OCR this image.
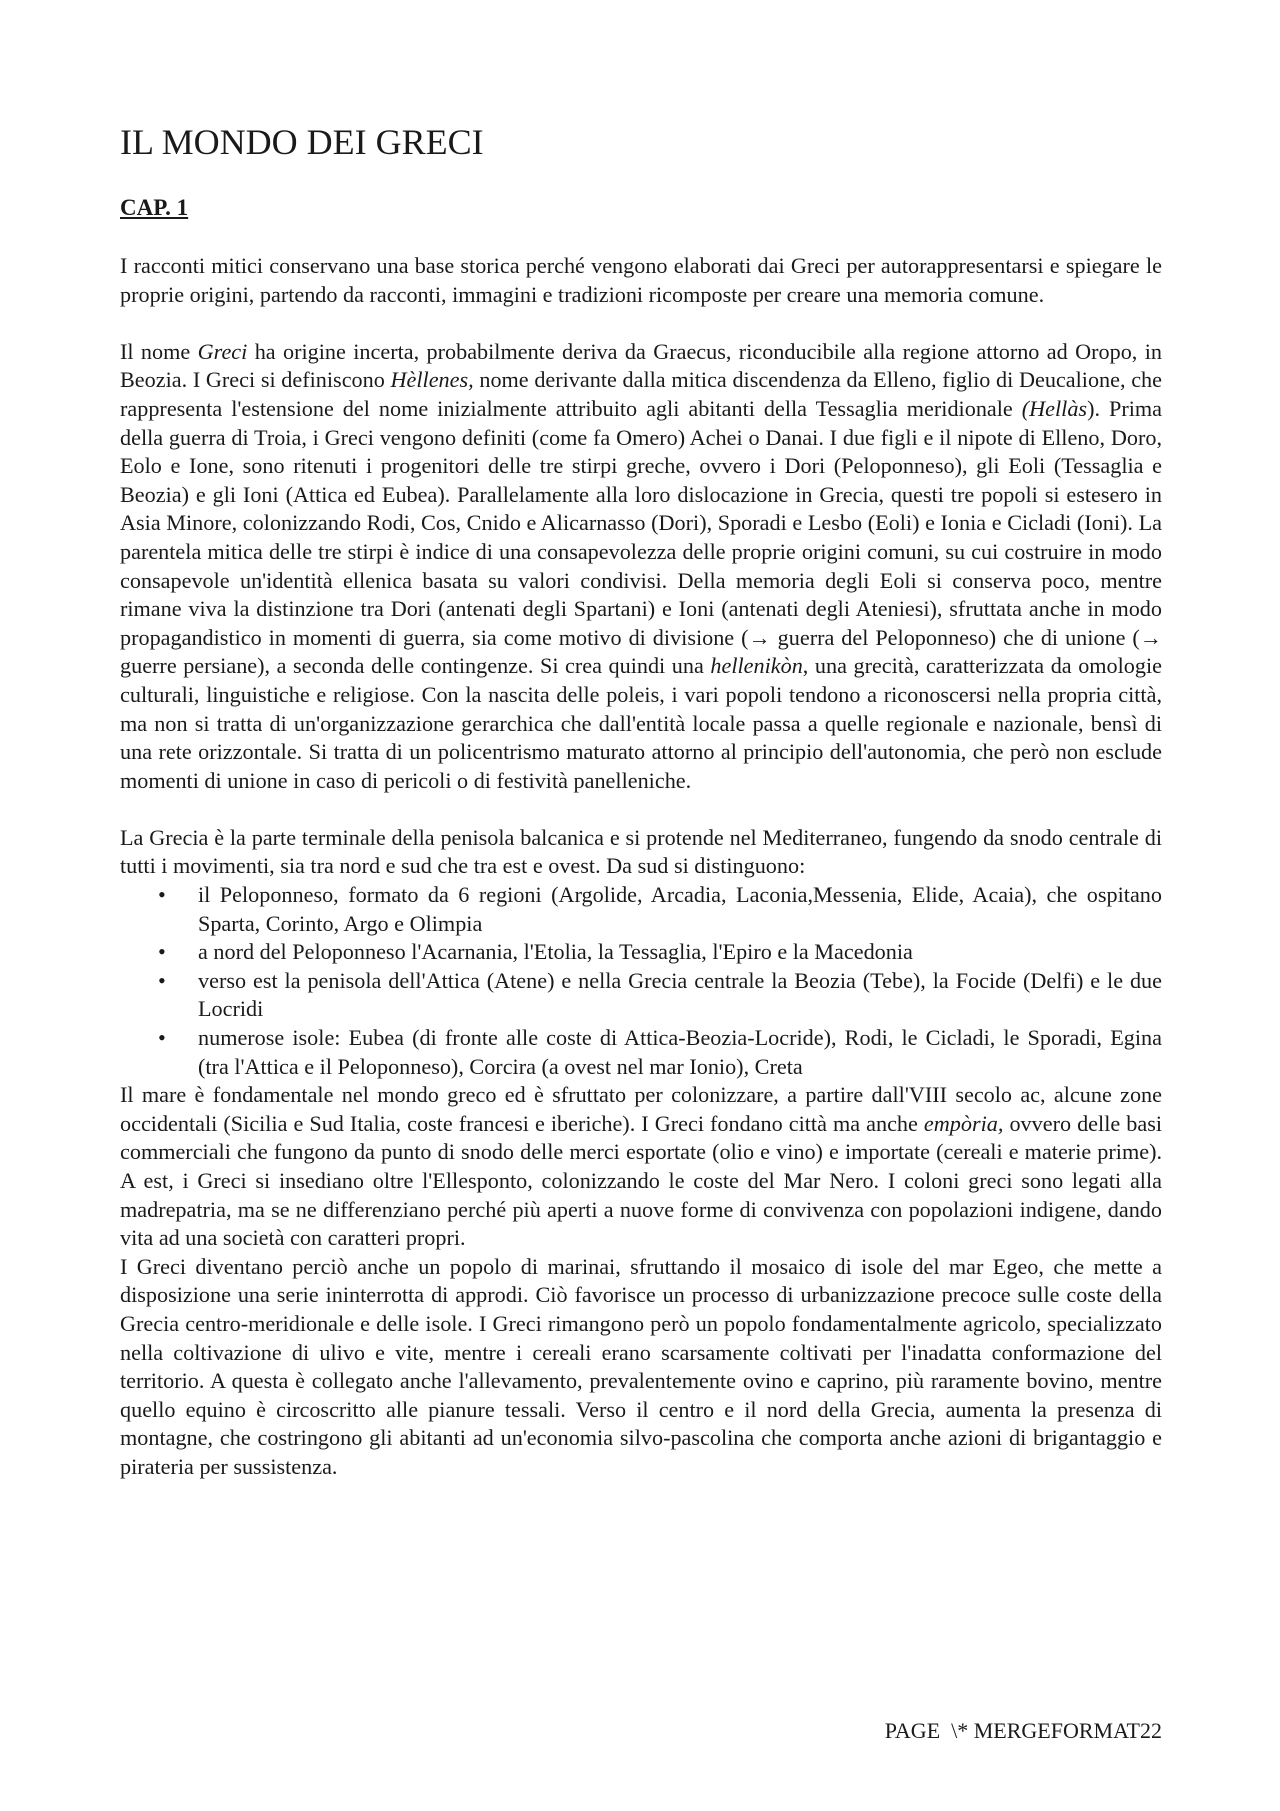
IL MONDO DEI GRECI
CAP. 1

I racconti mitici conservano una base storica perché vengono elaborati dai Greci per autorappresentarsi e spiegare le proprie origini, partendo da racconti, immagini e tradizioni ricomposte per creare una memoria comune.

Il nome Greci ha origine incerta, probabilmente deriva da Graecus, riconducibile alla regione attorno ad Oropo, in Beozia. I Greci si definiscono Hèllenes, nome derivante dalla mitica discendenza da Elleno, figlio di Deucalione, che rappresenta l'estensione del nome inizialmente attribuito agli abitanti della Tessaglia meridionale (Hellàs). Prima della guerra di Troia, i Greci vengono definiti (come fa Omero) Achei o Danai. I due figli e il nipote di Elleno, Doro, Eolo e Ione, sono ritenuti i progenitori delle tre stirpi greche, ovvero i Dori (Peloponneso), gli Eoli (Tessaglia e Beozia) e gli Ioni (Attica ed Eubea). Parallelamente alla loro dislocazione in Grecia, questi tre popoli si estesero in Asia Minore, colonizzando Rodi, Cos, Cnido e Alicarnasso (Dori), Sporadi e Lesbo (Eoli) e Ionia e Cicladi (Ioni). La parentela mitica delle tre stirpi è indice di una consapevolezza delle proprie origini comuni, su cui costruire in modo consapevole un'identità ellenica basata su valori condivisi. Della memoria degli Eoli si conserva poco, mentre rimane viva la distinzione tra Dori (antenati degli Spartani) e Ioni (antenati degli Ateniesi), sfruttata anche in modo propagandistico in momenti di guerra, sia come motivo di divisione (→ guerra del Peloponneso) che di unione (→ guerre persiane), a seconda delle contingenze. Si crea quindi una hellenikòn, una grecità, caratterizzata da omologie culturali, linguistiche e religiose. Con la nascita delle poleis, i vari popoli tendono a riconoscersi nella propria città, ma non si tratta di un'organizzazione gerarchica che dall'entità locale passa a quelle regionale e nazionale, bensì di una rete orizzontale. Si tratta di un policentrismo maturato attorno al principio dell'autonomia, che però non esclude momenti di unione in caso di pericoli o di festività panelleniche.

La Grecia è la parte terminale della penisola balcanica e si protende nel Mediterraneo, fungendo da snodo centrale di tutti i movimenti, sia tra nord e sud che tra est e ovest. Da sud si distinguono:

• il Peloponneso, formato da 6 regioni (Argolide, Arcadia, Laconia,Messenia, Elide, Acaia), che ospitano Sparta, Corinto, Argo e Olimpia
• a nord del Peloponneso l'Acarnania, l'Etolia, la Tessaglia, l'Epiro e la Macedonia
• verso est la penisola dell'Attica (Atene) e nella Grecia centrale la Beozia (Tebe), la Focide (Delfi) e le due Locridi
• numerose isole: Eubea (di fronte alle coste di Attica-Beozia-Locride), Rodi, le Cicladi, le Sporadi, Egina (tra l'Attica e il Peloponneso), Corcira (a ovest nel mar Ionio), Creta

Il mare è fondamentale nel mondo greco ed è sfruttato per colonizzare, a partire dall'VIII secolo ac, alcune zone occidentali (Sicilia e Sud Italia, coste francesi e iberiche). I Greci fondano città ma anche empòria, ovvero delle basi commerciali che fungono da punto di snodo delle merci esportate (olio e vino) e importate (cereali e materie prime). A est, i Greci si insediano oltre l'Ellesponto, colonizzando le coste del Mar Nero. I coloni greci sono legati alla madrepatria, ma se ne differenziano perché più aperti a nuove forme di convivenza con popolazioni indigene, dando vita ad una società con caratteri propri.

I Greci diventano perciò anche un popolo di marinai, sfruttando il mosaico di isole del mar Egeo, che mette a disposizione una serie ininterrotta di approdi. Ciò favorisce un processo di urbanizzazione precoce sulle coste della Grecia centro-meridionale e delle isole. I Greci rimangono però un popolo fondamentalmente agricolo, specializzato nella coltivazione di ulivo e vite, mentre i cereali erano scarsamente coltivati per l'inadatta conformazione del territorio. A questa è collegato anche l'allevamento, prevalentemente ovino e caprino, più raramente bovino, mentre quello equino è circoscritto alle pianure tessali. Verso il centro e il nord della Grecia, aumenta la presenza di montagne, che costringono gli abitanti ad un'economia silvo-pascolina che comporta anche azioni di brigantaggio e pirateria per sussistenza.

PAGE  \* MERGEFORMAT22
